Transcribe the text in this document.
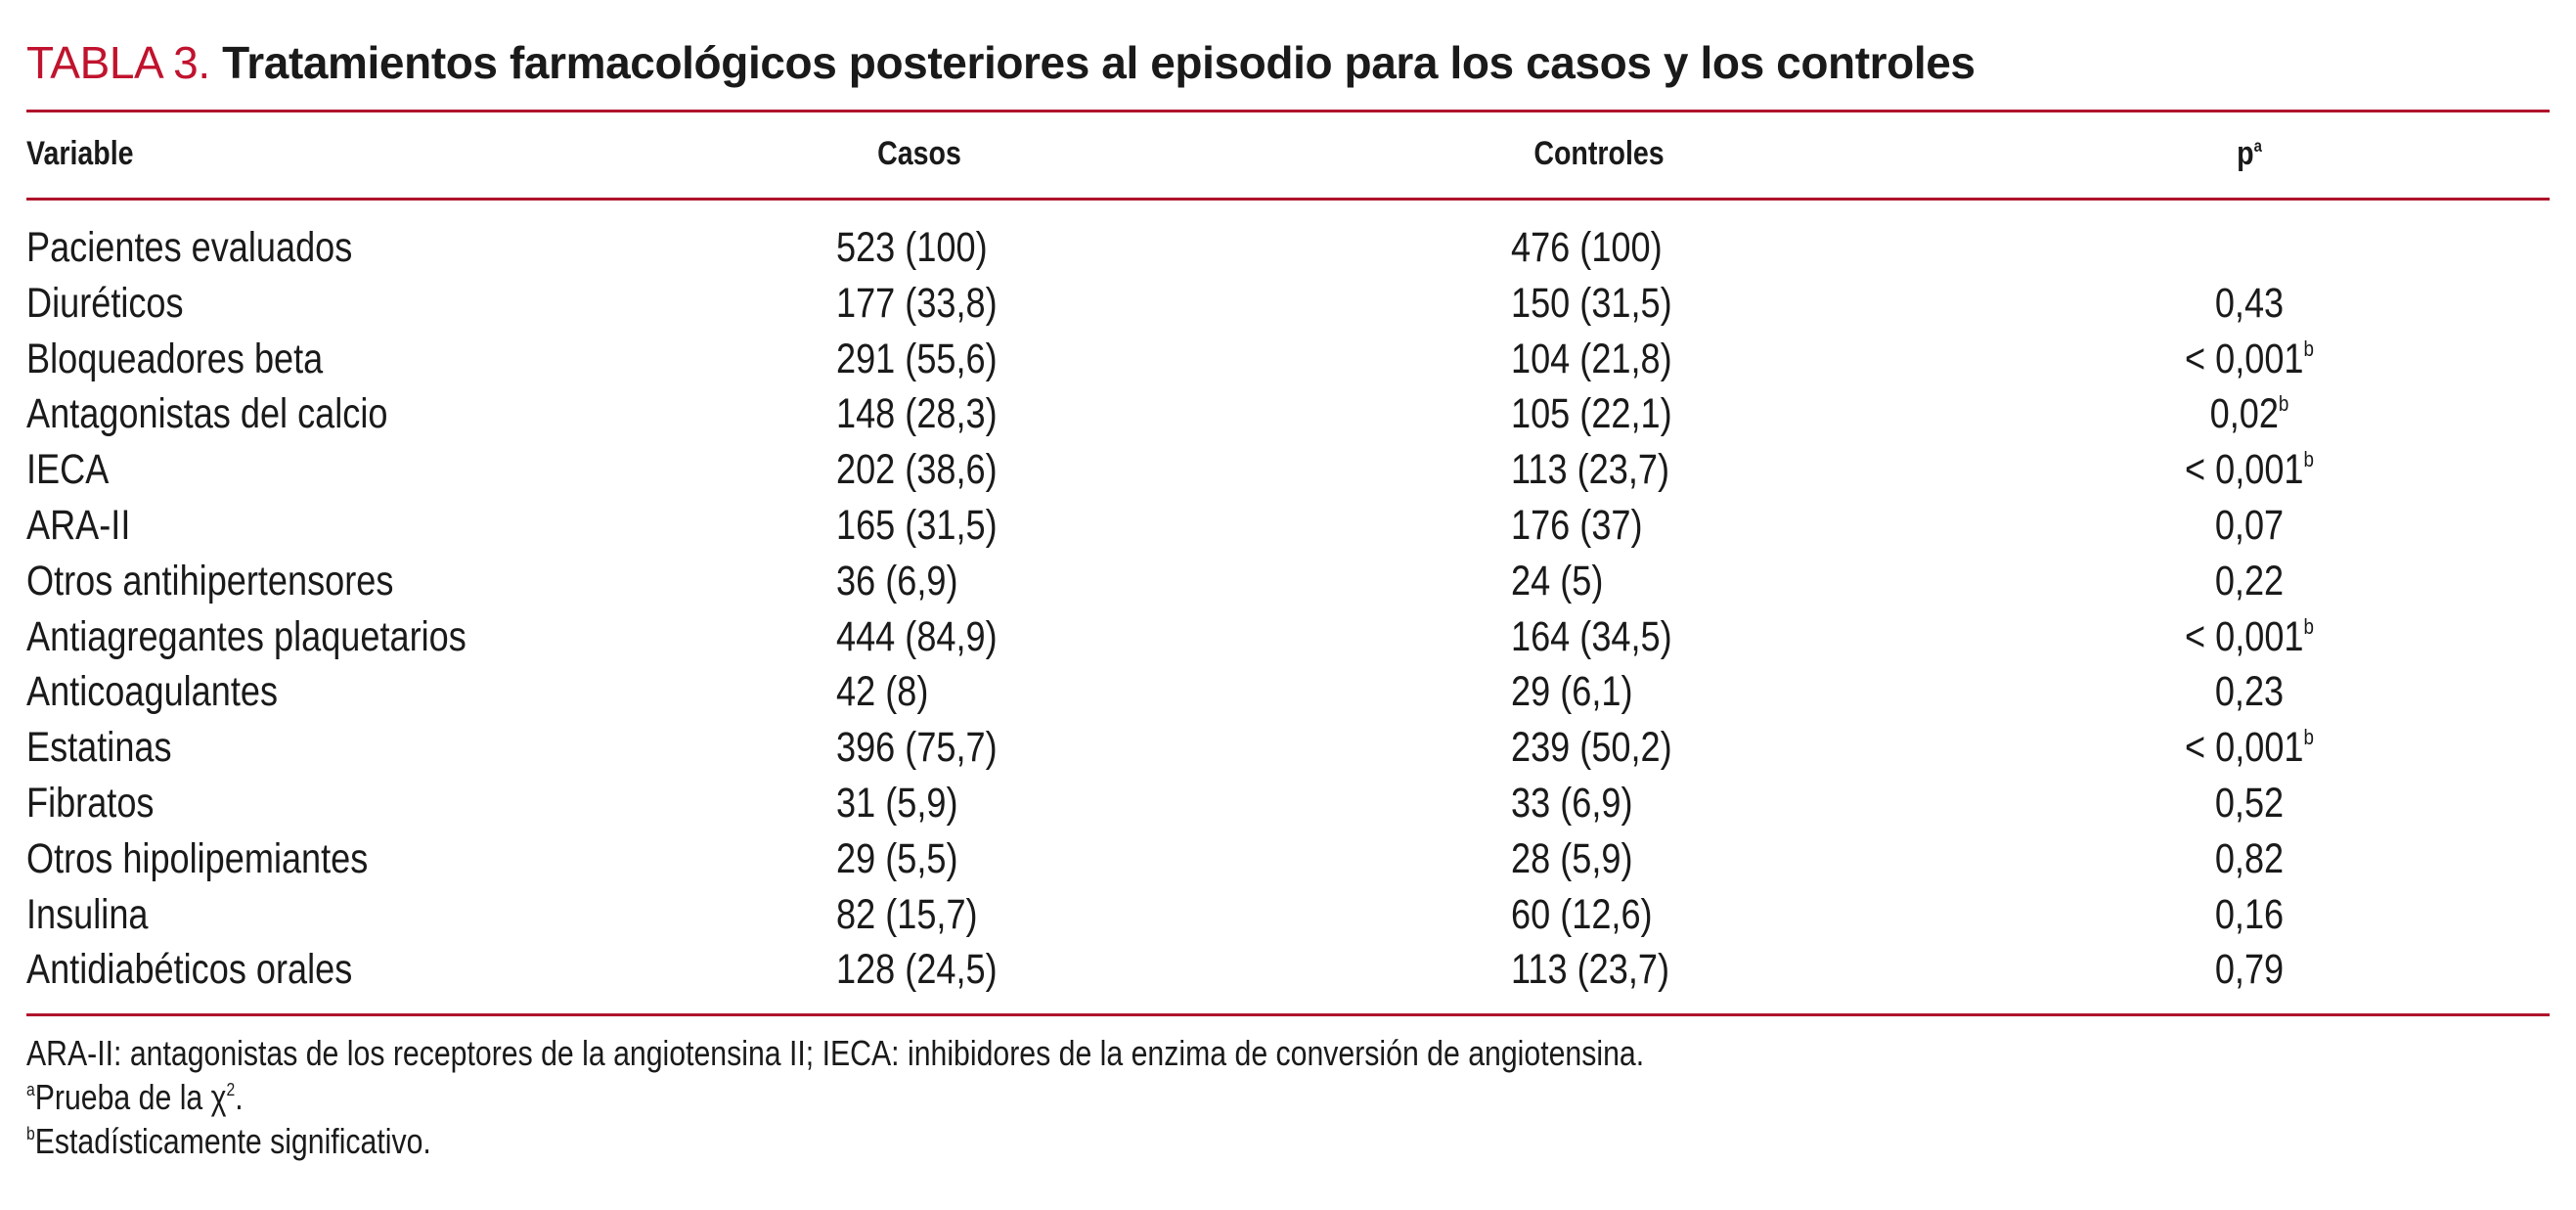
TABLA 3. Tratamientos farmacológicos posteriores al episodio para los casos y los controles
Variable	Casos	Controles	$p^a$
Pacientes evaluados	523 (100)	476 (100)
Diuréticos	177 (33,8)	150 (31,5)	0,43
Bloqueadores beta	291 (55,6)	104 (21,8)	< 0,001$^b$
Antagonistas del calcio	148 (28,3)	105 (22,1)	0,02$^b$
IECA	202 (38,6)	113 (23,7)	< 0,001$^b$
ARA-II	165 (31,5)	176 (37)	0,07
Otros antihipertensores	36 (6,9)	24 (5)	0,22
Antiagregantes plaquetarios	444 (84,9)	164 (34,5)	< 0,001$^b$
Anticoagulantes	42 (8)	29 (6,1)	0,23
Estatinas	396 (75,7)	239 (50,2)	< 0,001$^b$
Fibratos	31 (5,9)	33 (6,9)	0,52
Otros hipolipemiantes	29 (5,5)	28 (5,9)	0,82
Insulina	82 (15,7)	60 (12,6)	0,16
Antidiabéticos orales	128 (24,5)	113 (23,7)	0,79
ARA-II: antagonistas de los receptores de la angiotensina II; IECA: inhibidores de la enzima de conversión de angiotensina.
$^a$Prueba de la $\chi^2$.
$^b$Estadísticamente significativo.
